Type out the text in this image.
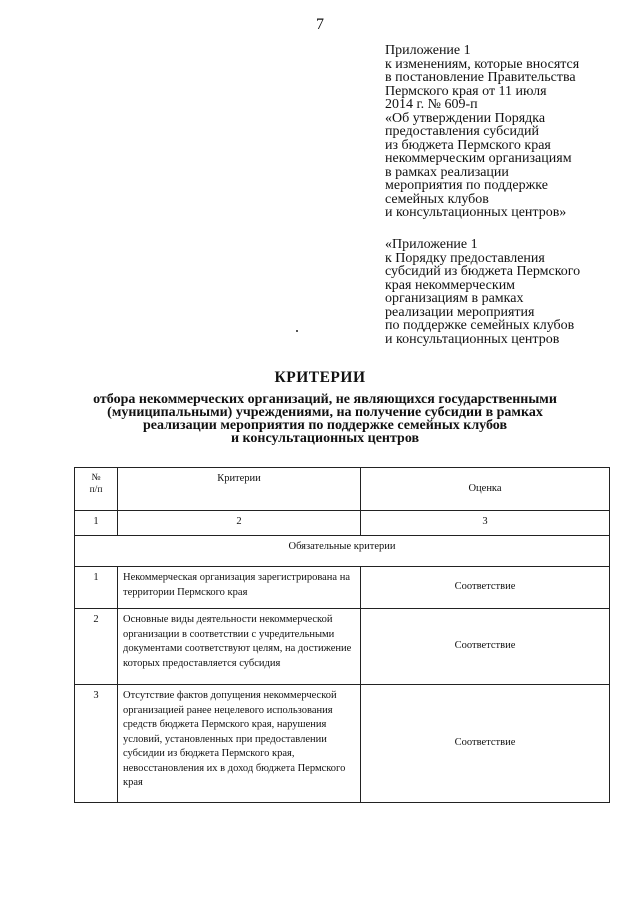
7
Приложение 1
к изменениям, которые вносятся
в постановление Правительства
Пермского края от 11 июля
2014 г. № 609-п
«Об утверждении Порядка
предоставления субсидий
из бюджета Пермского края
некоммерческим организациям
в рамках реализации
мероприятия по поддержке
семейных клубов
и консультационных центров»
«Приложение 1
к Порядку предоставления
субсидий из бюджета Пермского
края некоммерческим
организациям в рамках
реализации мероприятия
по поддержке семейных клубов
и консультационных центров
КРИТЕРИИ
отбора некоммерческих организаций, не являющихся государственными
(муниципальными) учреждениями, на получение субсидии в рамках
реализации мероприятия по поддержке семейных клубов
и консультационных центров
№
п/п	Критерии	Оценка
1	2	3
Обязательные критерии		
1	Некоммерческая организация зарегистрирована на территории Пермского края	Соответствие
2	Основные виды деятельности некоммерческой организации в соответствии с учредительными документами соответствуют целям, на достижение которых предоставляется субсидия	Соответствие
3	Отсутствие фактов допущения некоммерческой организацией ранее нецелевого использования средств бюджета Пермского края, нарушения условий, установленных при предоставлении субсидии из бюджета Пермского края, невосстановления их в доход бюджета Пермского края	Соответствие
